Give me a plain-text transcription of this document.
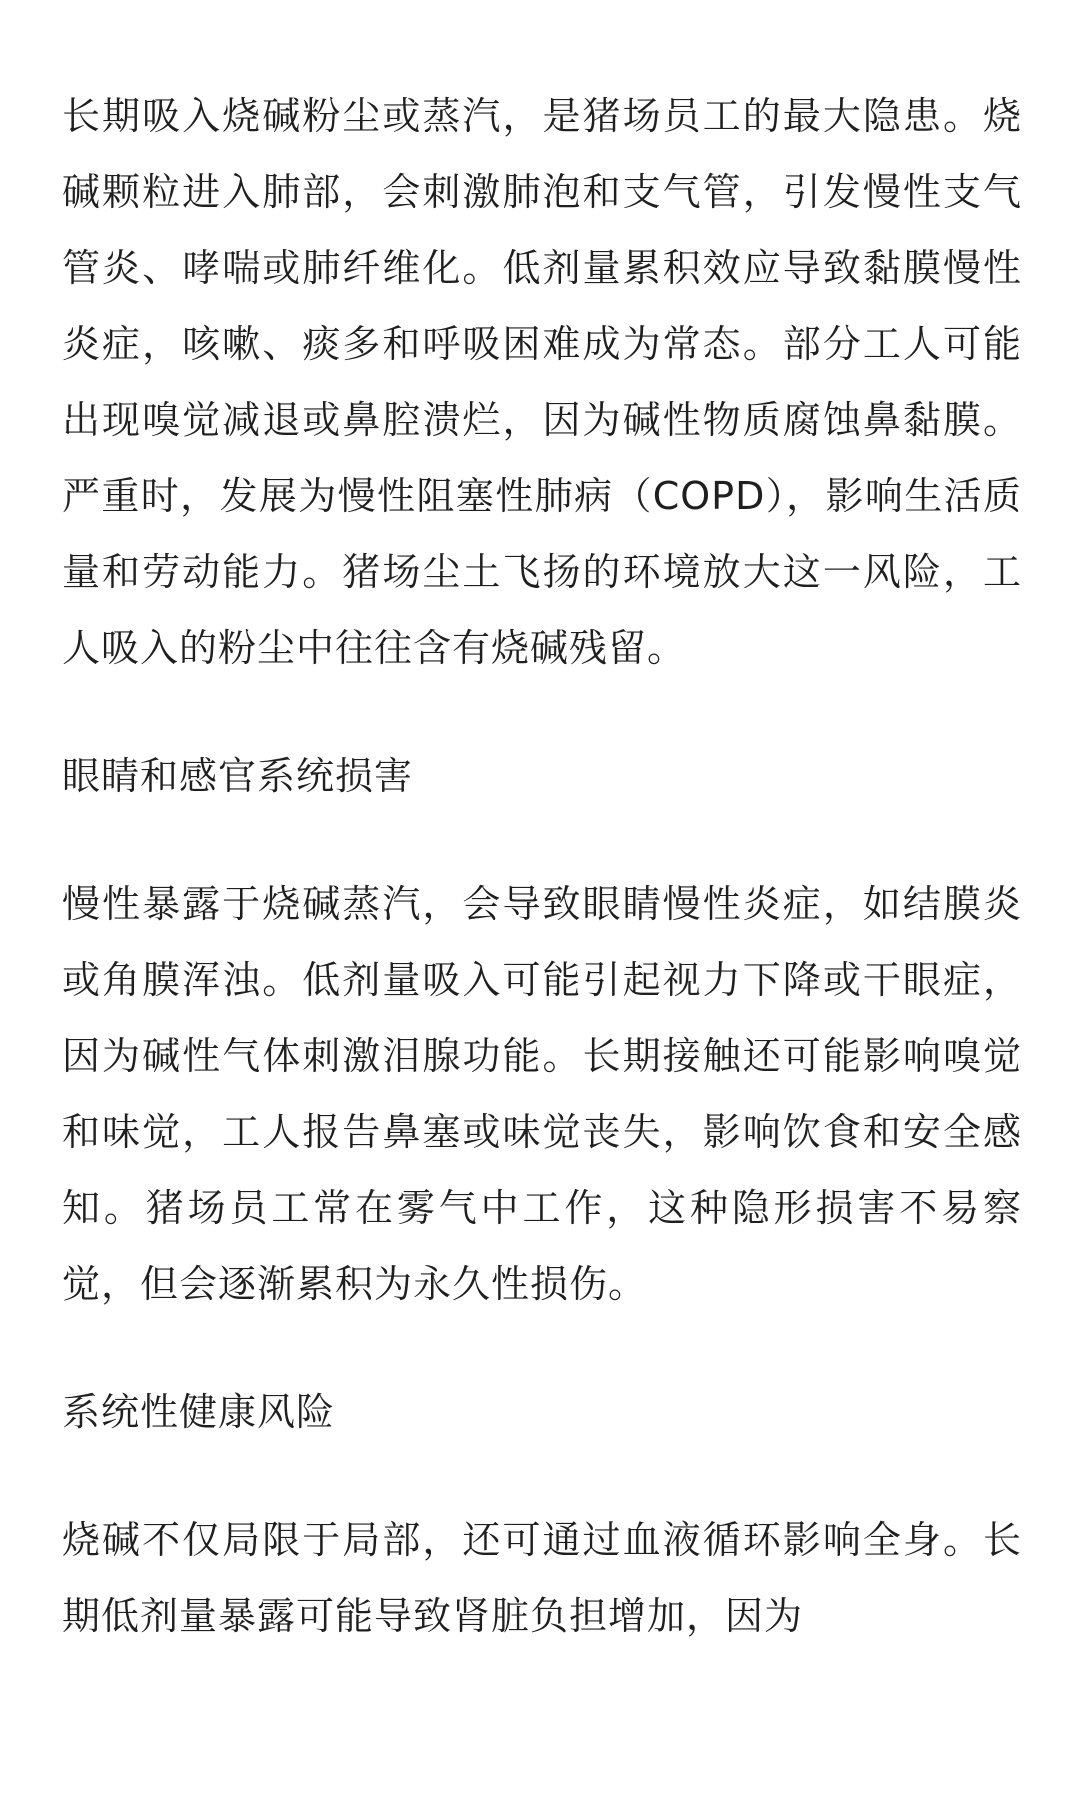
长期吸入烧碱粉尘或蒸汽，是猪场员工的最大隐患。烧碱颗粒进入肺部，会刺激肺泡和支气管，引发慢性支气管炎、哮喘或肺纤维化。低剂量累积效应导致黏膜慢性炎症，咳嗽、痰多和呼吸困难成为常态。部分工人可能出现嗅觉减退或鼻腔溃烂，因为碱性物质腐蚀鼻黏膜。严重时，发展为慢性阻塞性肺病（COPD），影响生活质量和劳动能力。猪场尘土飞扬的环境放大这一风险，工人吸入的粉尘中往往含有烧碱残留。

眼睛和感官系统损害

慢性暴露于烧碱蒸汽，会导致眼睛慢性炎症，如结膜炎或角膜浑浊。低剂量吸入可能引起视力下降或干眼症，因为碱性气体刺激泪腺功能。长期接触还可能影响嗅觉和味觉，工人报告鼻塞或味觉丧失，影响饮食和安全感知。猪场员工常在雾气中工作，这种隐形损害不易察觉，但会逐渐累积为永久性损伤。

系统性健康风险

烧碱不仅局限于局部，还可通过血液循环影响全身。长期低剂量暴露可能导致肾脏负担增加，因为
